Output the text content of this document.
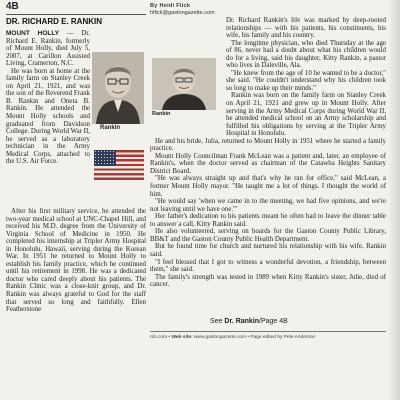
4B	By Heidi Flick
hflick@gastongazette.com
DR. RICHARD E. RANKIN

MOUNT HOLLY — Dr. Richard E. Rankin, formerly of Mount Holly, died July 5, 2007, at Carillon Assisted Living, Cramerton, N.C.

He was born at home at the family farm on Stanley Creek on April 21, 1921, and was the son of the Reverend Frank B. Rankin and Oneta B. Rankin. He attended the Mount Holly schools and graduated from Davidson College. During World War II, he served as a laboratory technician in the Army Medical Corps, attached to the U.S. Air Force.

Rankin

After his first military service, he attended the two-year medical school at UNC-Chapel Hill, and received his M.D. degree from the University of Virginia School of Medicine in 1950. He completed his internship at Tripler Army Hospital in Honolulu, Hawaii, serving during the Korean War. In 1951 he returned to Mount Holly to establish his family practice, which he continued until his retirement in 1998. He was a dedicated doctor who cared deeply about his patients. The Rankin Clinic was a close-knit group, and Dr. Rankin was always grateful to God for the staff that served so long and faithfully. Ellen Featherstone

Dr. Richard Rankin's life was marked by deep-rooted relationships — with his patients, his constituents, his wife, his family and his country.

The longtime physician, who died Thursday at the age of 86, never had a doubt about what his children would do for a living, said his daughter, Kitty Rankin, a pastor who lives in Daleville, Ala.

"He knew from the age of 10 he wanted to be a doctor," she said. "He couldn't understand why his children took so long to make up their minds."

Rankin was born on the family farm on Stanley Creek on April 21, 1921 and grew up in Mount Holly. After serving in the Army Medical Corps during World War II, he attended medical school on an Army scholarship and fulfilled his obligations by serving at the Tripler Army Hospital in Honolulu.

He and his bride, Julia, returned to Mount Holly in 1951 where he started a family practice.

Mount Holly Councilman Frank McLean was a patient and, later, an employee of Rankin's, when the doctor served as chairman of the Catawba Heights Sanitary District Board.

"He was always straight up and that's why he ran for office," said McLean, a former Mount Holly mayor. "He taught me a lot of things. I thought the world of him.

"He would say 'when we came in to the meeting, we had five opinions, and we're not leaving until we have one.'"

Her father's dedication to his patients meant he often had to leave the dinner table to answer a call, Kitty Rankin said.

He also volunteered, serving on boards for the Gaston County Public Library, BB&T and the Gaston County Public Health Department.

But he found time for church and nurtured his relationship with his wife, Rankin said.

"I feel blessed that I got to witness a wonderful devotion, a friendship, between them," she said.

The family's strength was tested in 1989 when Kitty Rankin's sister, Julie, died of cancer.

Rankin
See Dr. Rankin/Page 4B
nfo.com • Web site: www.gastongazette.com • Page edited by Pete Anderson
